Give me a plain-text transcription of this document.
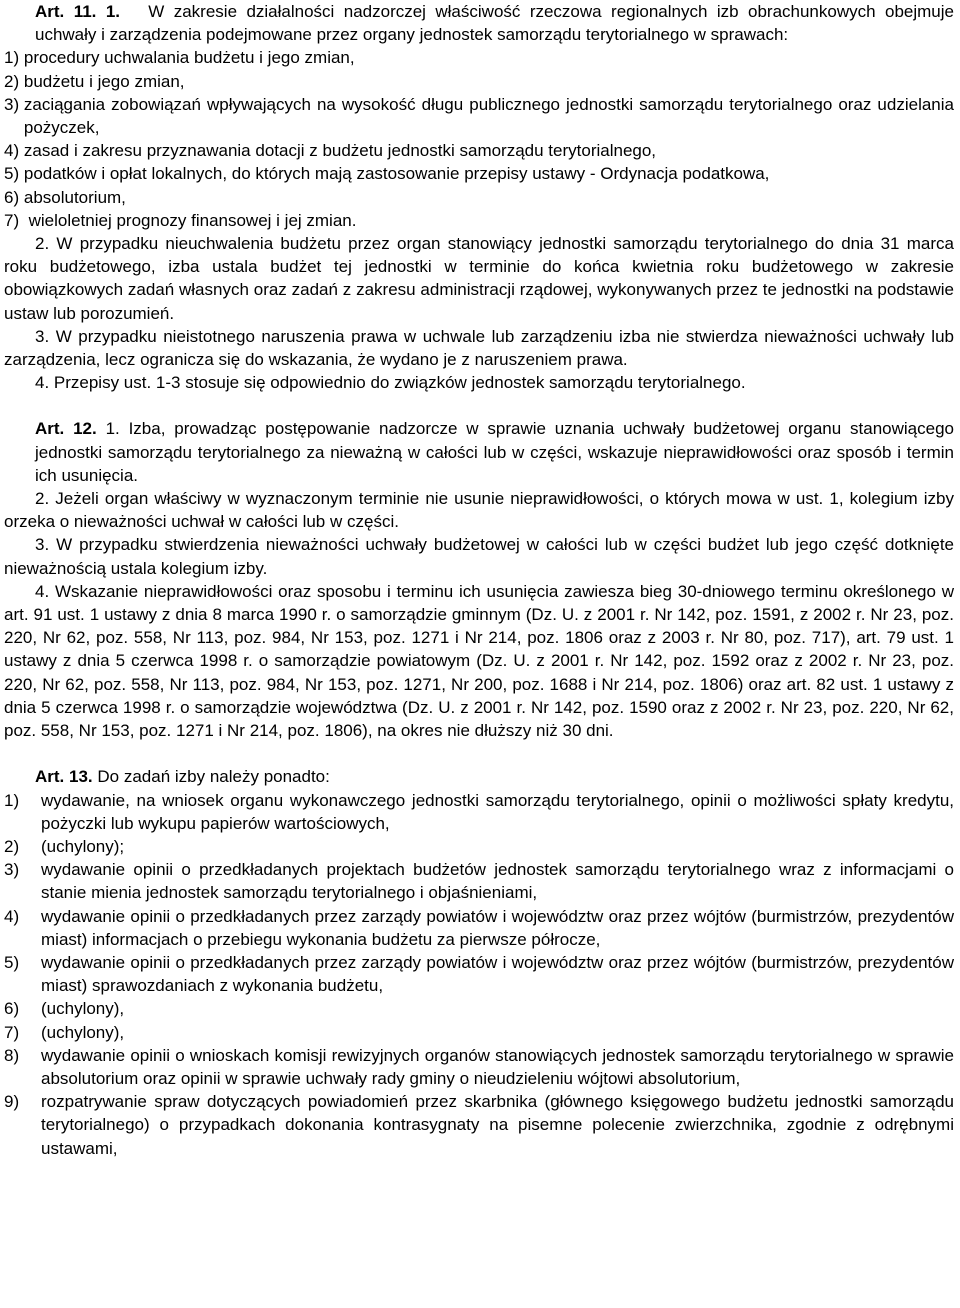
Art. 11. 1. W zakresie działalności nadzorczej właściwość rzeczowa regionalnych izb obrachunkowych obejmuje uchwały i zarządzenia podejmowane przez organy jednostek samorządu terytorialnego w sprawach:

1)
procedury uchwalania budżetu i jego zmian,
2)
budżetu i jego zmian,
3)
zaciągania zobowiązań wpływających na wysokość długu publicznego jednostki samorządu terytorialnego oraz udzielania pożyczek,
4)
zasad i zakresu przyznawania dotacji z budżetu jednostki samorządu terytorialnego,
5)
podatków i opłat lokalnych, do których mają zastosowanie przepisy ustawy - Ordynacja podatkowa,
6)
absolutorium,
7)
wieloletniej prognozy finansowej i jej zmian.

2. W przypadku nieuchwalenia budżetu przez organ stanowiący jednostki samorządu terytorialnego do dnia 31 marca roku budżetowego, izba ustala budżet tej jednostki w terminie do końca kwietnia roku budżetowego w zakresie obowiązkowych zadań własnych oraz zadań z zakresu administracji rządowej, wykonywanych przez te jednostki na podstawie ustaw lub porozumień.

3. W przypadku nieistotnego naruszenia prawa w uchwale lub zarządzeniu izba nie stwierdza nieważności uchwały lub zarządzenia, lecz ogranicza się do wskazania, że wydano je z naruszeniem prawa.

4. Przepisy ust. 1-3 stosuje się odpowiednio do związków jednostek samorządu terytorialnego.

Art. 12. 1. Izba, prowadząc postępowanie nadzorcze w sprawie uznania uchwały budżetowej organu stanowiącego jednostki samorządu terytorialnego za nieważną w całości lub w części, wskazuje nieprawidłowości oraz sposób i termin ich usunięcia.

2. Jeżeli organ właściwy w wyznaczonym terminie nie usunie nieprawidłowości, o których mowa w ust. 1, kolegium izby orzeka o nieważności uchwał w całości lub w części.

3. W przypadku stwierdzenia nieważności uchwały budżetowej w całości lub w części budżet lub jego część dotknięte nieważnością ustala kolegium izby.

4. Wskazanie nieprawidłowości oraz sposobu i terminu ich usunięcia zawiesza bieg 30-dniowego terminu określonego w art. 91 ust. 1 ustawy z dnia 8 marca 1990 r. o samorządzie gminnym (Dz. U. z 2001 r. Nr 142, poz. 1591, z 2002 r. Nr 23, poz. 220, Nr 62, poz. 558, Nr 113, poz. 984, Nr 153, poz. 1271 i Nr 214, poz. 1806 oraz z 2003 r. Nr 80, poz. 717), art. 79 ust. 1 ustawy z dnia 5 czerwca 1998 r. o samorządzie powiatowym (Dz. U. z 2001 r. Nr 142, poz. 1592 oraz z 2002 r. Nr 23, poz. 220, Nr 62, poz. 558, Nr 113, poz. 984, Nr 153, poz. 1271, Nr 200, poz. 1688 i Nr 214, poz. 1806) oraz art. 82 ust. 1 ustawy z dnia 5 czerwca 1998 r. o samorządzie województwa (Dz. U. z 2001 r. Nr 142, poz. 1590 oraz z 2002 r. Nr 23, poz. 220, Nr 62, poz. 558, Nr 153, poz. 1271 i Nr 214, poz. 1806), na okres nie dłuższy niż 30 dni.

Art. 13. Do zadań izby należy ponadto:

1)	wydawanie, na wniosek organu wykonawczego jednostki samorządu terytorialnego, opinii o możliwości spłaty kredytu, pożyczki lub wykupu papierów wartościowych,
2)	(uchylony);
3)	wydawanie opinii o przedkładanych projektach budżetów jednostek samorządu terytorialnego wraz z informacjami o stanie mienia jednostek samorządu terytorialnego i objaśnieniami,
4)	wydawanie opinii o przedkładanych przez zarządy powiatów i województw oraz przez wójtów (burmistrzów, prezydentów miast) informacjach o przebiegu wykonania budżetu za pierwsze półrocze,
5)	wydawanie opinii o przedkładanych przez zarządy powiatów i województw oraz przez wójtów (burmistrzów, prezydentów miast) sprawozdaniach z wykonania budżetu,
6)	(uchylony),
7)	(uchylony),
8)	wydawanie opinii o wnioskach komisji rewizyjnych organów stanowiących jednostek samorządu terytorialnego w sprawie absolutorium oraz opinii w sprawie uchwały rady gminy o nieudzieleniu wójtowi absolutorium,
9)	rozpatrywanie spraw dotyczących powiadomień przez skarbnika (głównego księgowego budżetu jednostki samorządu terytorialnego) o przypadkach dokonania kontrasygnaty na pisemne polecenie zwierzchnika, zgodnie z odrębnymi ustawami,
